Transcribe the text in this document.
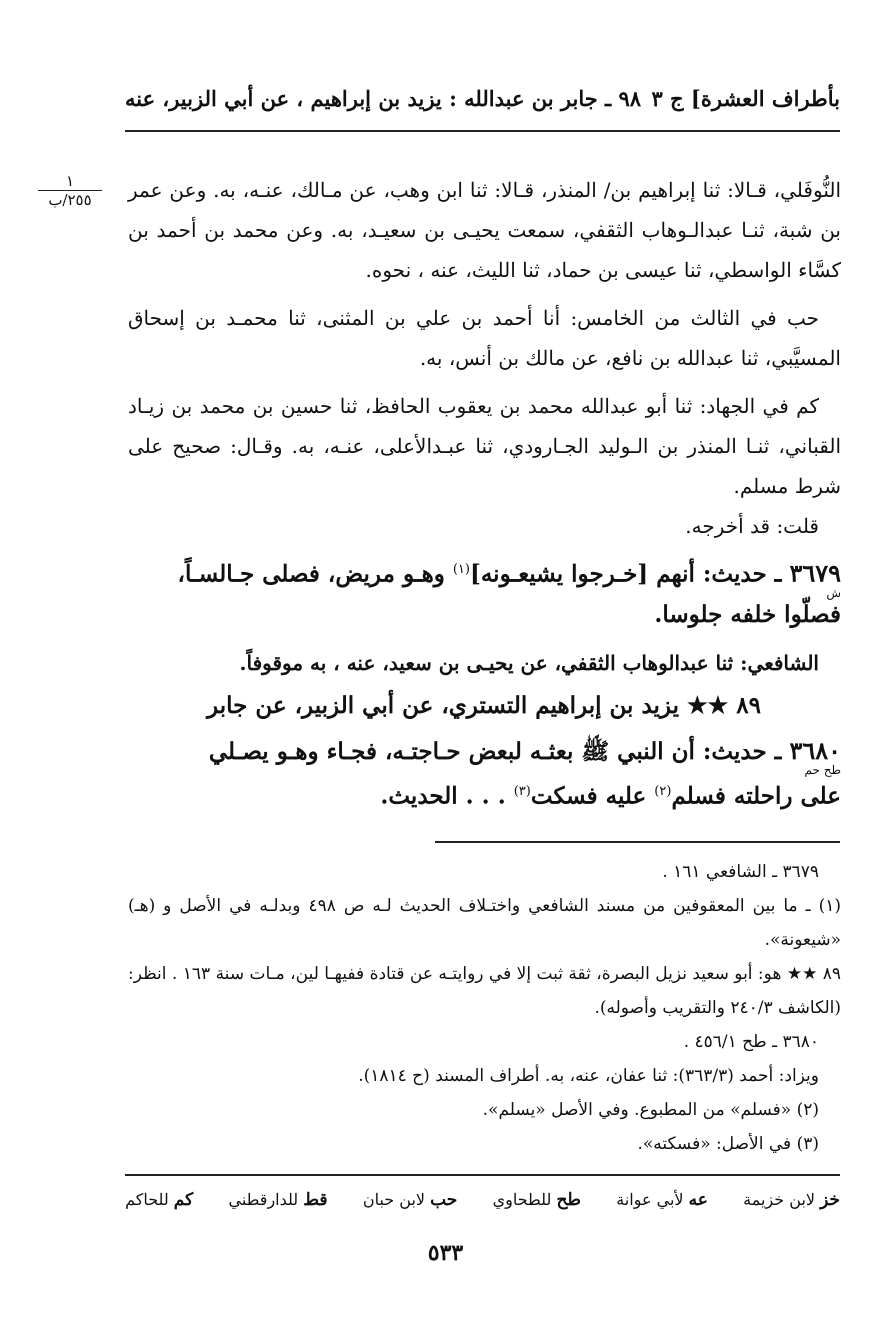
بأطراف العشرة] ج ٣
٩٨ ـ جابر بن عبدالله : يزيد بن إبراهيم ، عن أبي الزبير، عنه
١
٢٥٥/ب	النُّوفَلي، قـالا: ثنا إبراهيم بن/ المنذر، قـالا: ثنا ابن وهب، عن مـالك، عنـه، به. وعن عمر بن شبة، ثنـا عبدالـوهاب الثقفي، سمعت يحيـى بن سعيـد، به. وعن محمد بن أحمد بن كسَّاء الواسطي، ثنا عيسى بن حماد، ثنا الليث، عنه ، نحوه.

حب في الثالث من الخامس: أنا أحمد بن علي بن المثنى، ثنا محمـد بن إسحاق المسيَّبي، ثنا عبدالله بن نافع، عن مالك بن أنس، به.

كم في الجهاد: ثنا أبو عبدالله محمد بن يعقوب الحافظ، ثنا حسين بن محمد بن زيـاد القباني، ثنـا المنذر بن الـوليد الجـارودي، ثنا عبـدالأعلى، عنـه، به. وقـال: صحيح على شرط مسلم.

قلت: قد أخرجه.

٣٦٧٩ ـ حديث: أنهم [خـرجوا يشيعـونه]$^{(١)}$ وهـو مريض، فصلى جـالسـاً،

ش

فصلّوا خلفه جلوسا.

الشافعي: ثنا عبدالوهاب الثقفي، عن يحيـى بن سعيد، عنه ، به موقوفاً.

٨٩ ★★ يزيد بن إبراهيم التستري، عن أبي الزبير، عن جابر

٣٦٨٠ ـ حديث: أن النبي ﷺ بعثـه لبعض حـاجتـه، فجـاء وهـو يصـلي

طح حم

على راحلته فسلم$^{(٢)}$ عليه فسكت$^{(٣)}$ . . . الحديث.

٣٦٧٩ ـ الشافعي ١٦١ .

(١) ـ ما بين المعقوفين من مسند الشافعي واختـلاف الحديث لـه ص ٤٩٨ وبدلـه في الأصل و (هـ) «شيعونة».

٨٩ ★★ هو: أبو سعيد نزيل البصرة، ثقة ثبت إلا في روايتـه عن قتادة ففيهـا لين، مـات سنة ١٦٣ . انظر: (الكاشف ٢٤٠/٣ والتقريب وأصوله).

٣٦٨٠ ـ طح ٤٥٦/١ .

ويزاد: أحمد (٣٦٣/٣): ثنا عفان، عنه، به. أطراف المسند (ح ١٨١٤).

(٢) «فسلم» من المطبوع. وفي الأصل «يسلم».

(٣) في الأصل: «فسكته».

خز لابن خزيمة
عه لأبي عوانة
طح للطحاوي
حب لابن حبان
قط للدارقطني
كم للحاكم
٥٣٣
